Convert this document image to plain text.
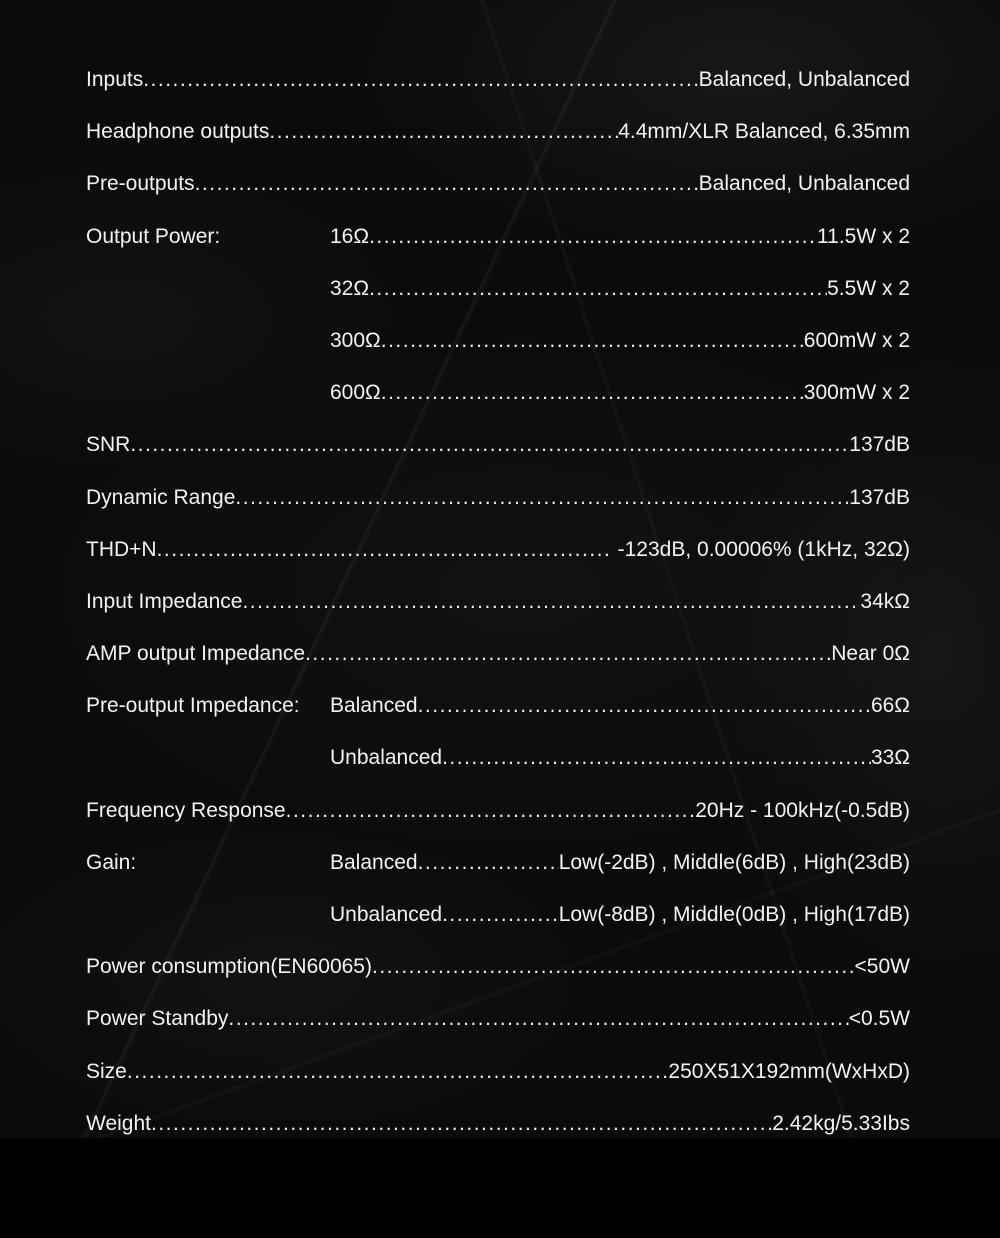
Inputs .....	Balanced, Unbalanced
Headphone outputs .....	4.4mm/XLR Balanced, 6.35mm
Pre-outputs .....	Balanced, Unbalanced
Output Power:	16Ω .....	11.5W x 2
32Ω .....	5.5W x 2
300Ω .....	600mW x 2
600Ω .....	300mW x 2
SNR .....	137dB
Dynamic Range .....	137dB
THD+N .....	-123dB, 0.00006% (1kHz, 32Ω)
Input Impedance .....	34kΩ
AMP output Impedance .....	Near 0Ω
Pre-output Impedance:	Balanced .....	66Ω
Unbalanced .....	33Ω
Frequency Response .....	20Hz - 100kHz(-0.5dB)
Gain:	Balanced .....	Low(-2dB) , Middle(6dB) , High(23dB)
Unbalanced .....	Low(-8dB) , Middle(0dB) , High(17dB)
Power consumption(EN60065) .....	<50W
Power Standby .....	<0.5W
Size .....	250X51X192mm(WxHxD)
Weight .....	2.42kg/5.33Ibs
